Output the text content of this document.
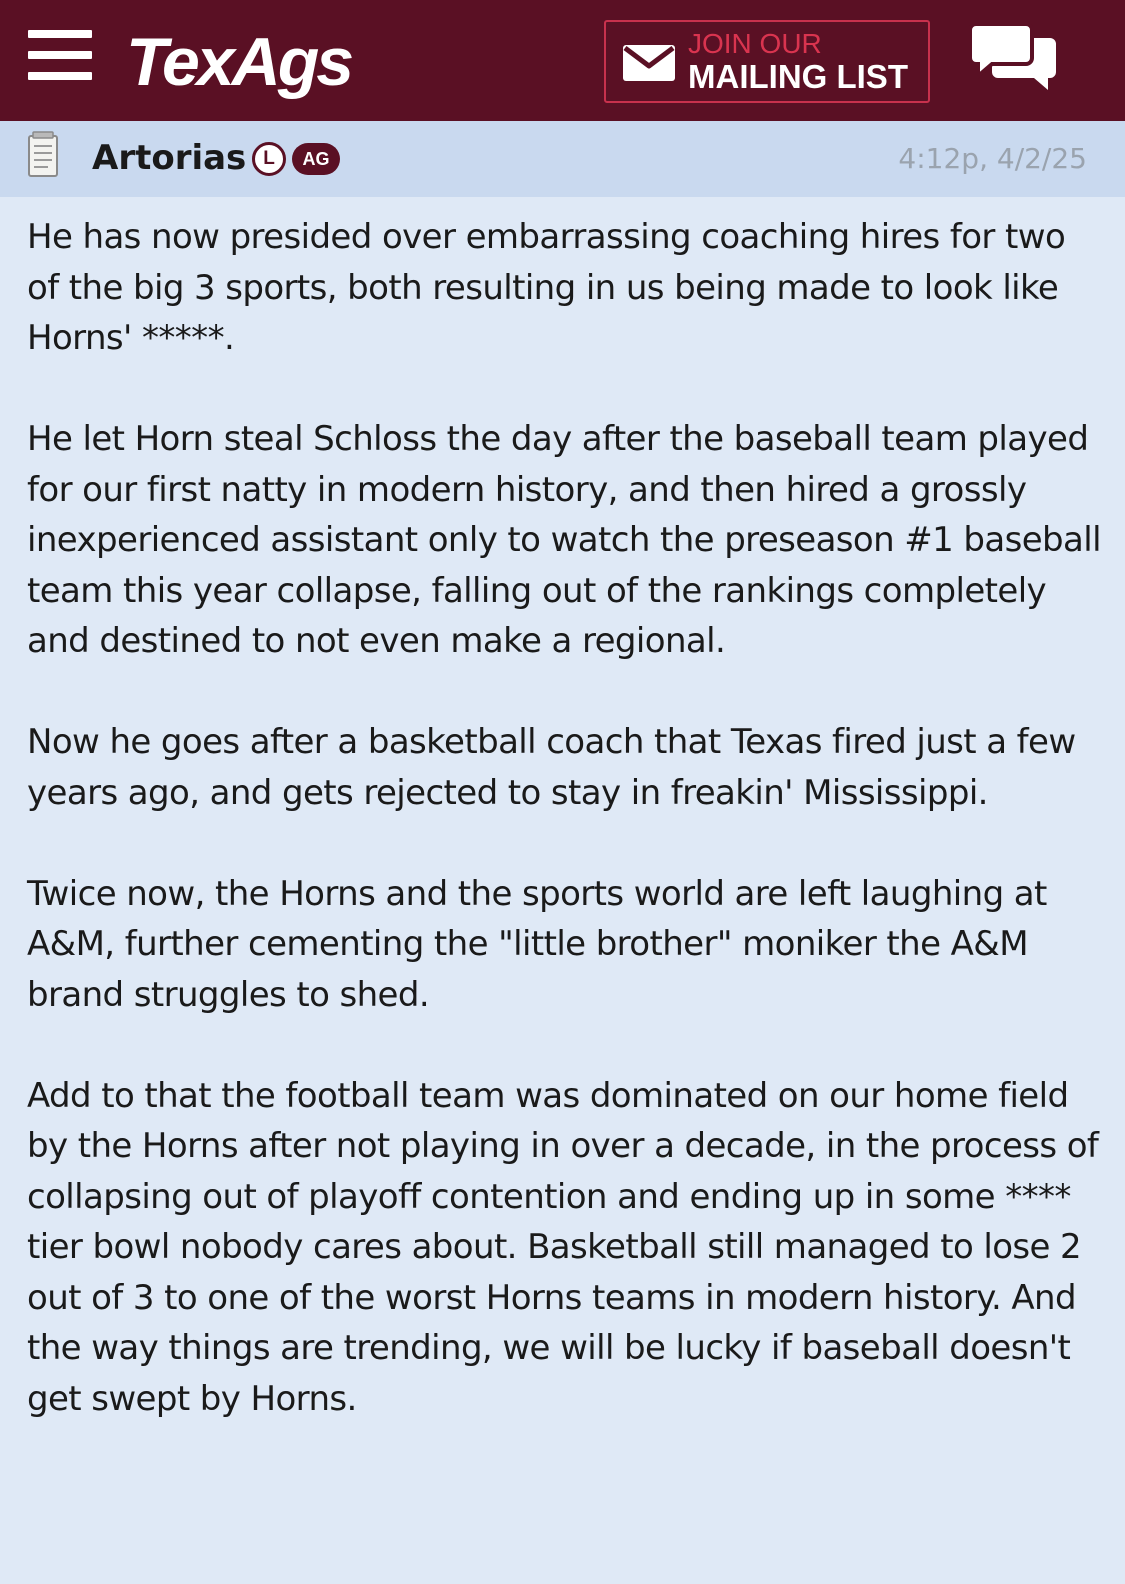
TexAgs	JOIN OUR
MAILING LIST
Artorias L	AG	4:12p, 4/2/25

He has now presided over embarrassing coaching hires for two of the big 3 sports, both resulting in us being made to look like Horns' *****.

He let Horn steal Schloss the day after the baseball team played for our first natty in modern history, and then hired a grossly inexperienced assistant only to watch the preseason #1 baseball team this year collapse, falling out of the rankings completely and destined to not even make a regional.

Now he goes after a basketball coach that Texas fired just a few years ago, and gets rejected to stay in freakin' Mississippi.

Twice now, the Horns and the sports world are left laughing at A&M, further cementing the "little brother" moniker the A&M brand struggles to shed.

Add to that the football team was dominated on our home field by the Horns after not playing in over a decade, in the process of collapsing out of playoff contention and ending up in some **** tier bowl nobody cares about. Basketball still managed to lose 2 out of 3 to one of the worst Horns teams in modern history. And the way things are trending, we will be lucky if baseball doesn't get swept by Horns.
